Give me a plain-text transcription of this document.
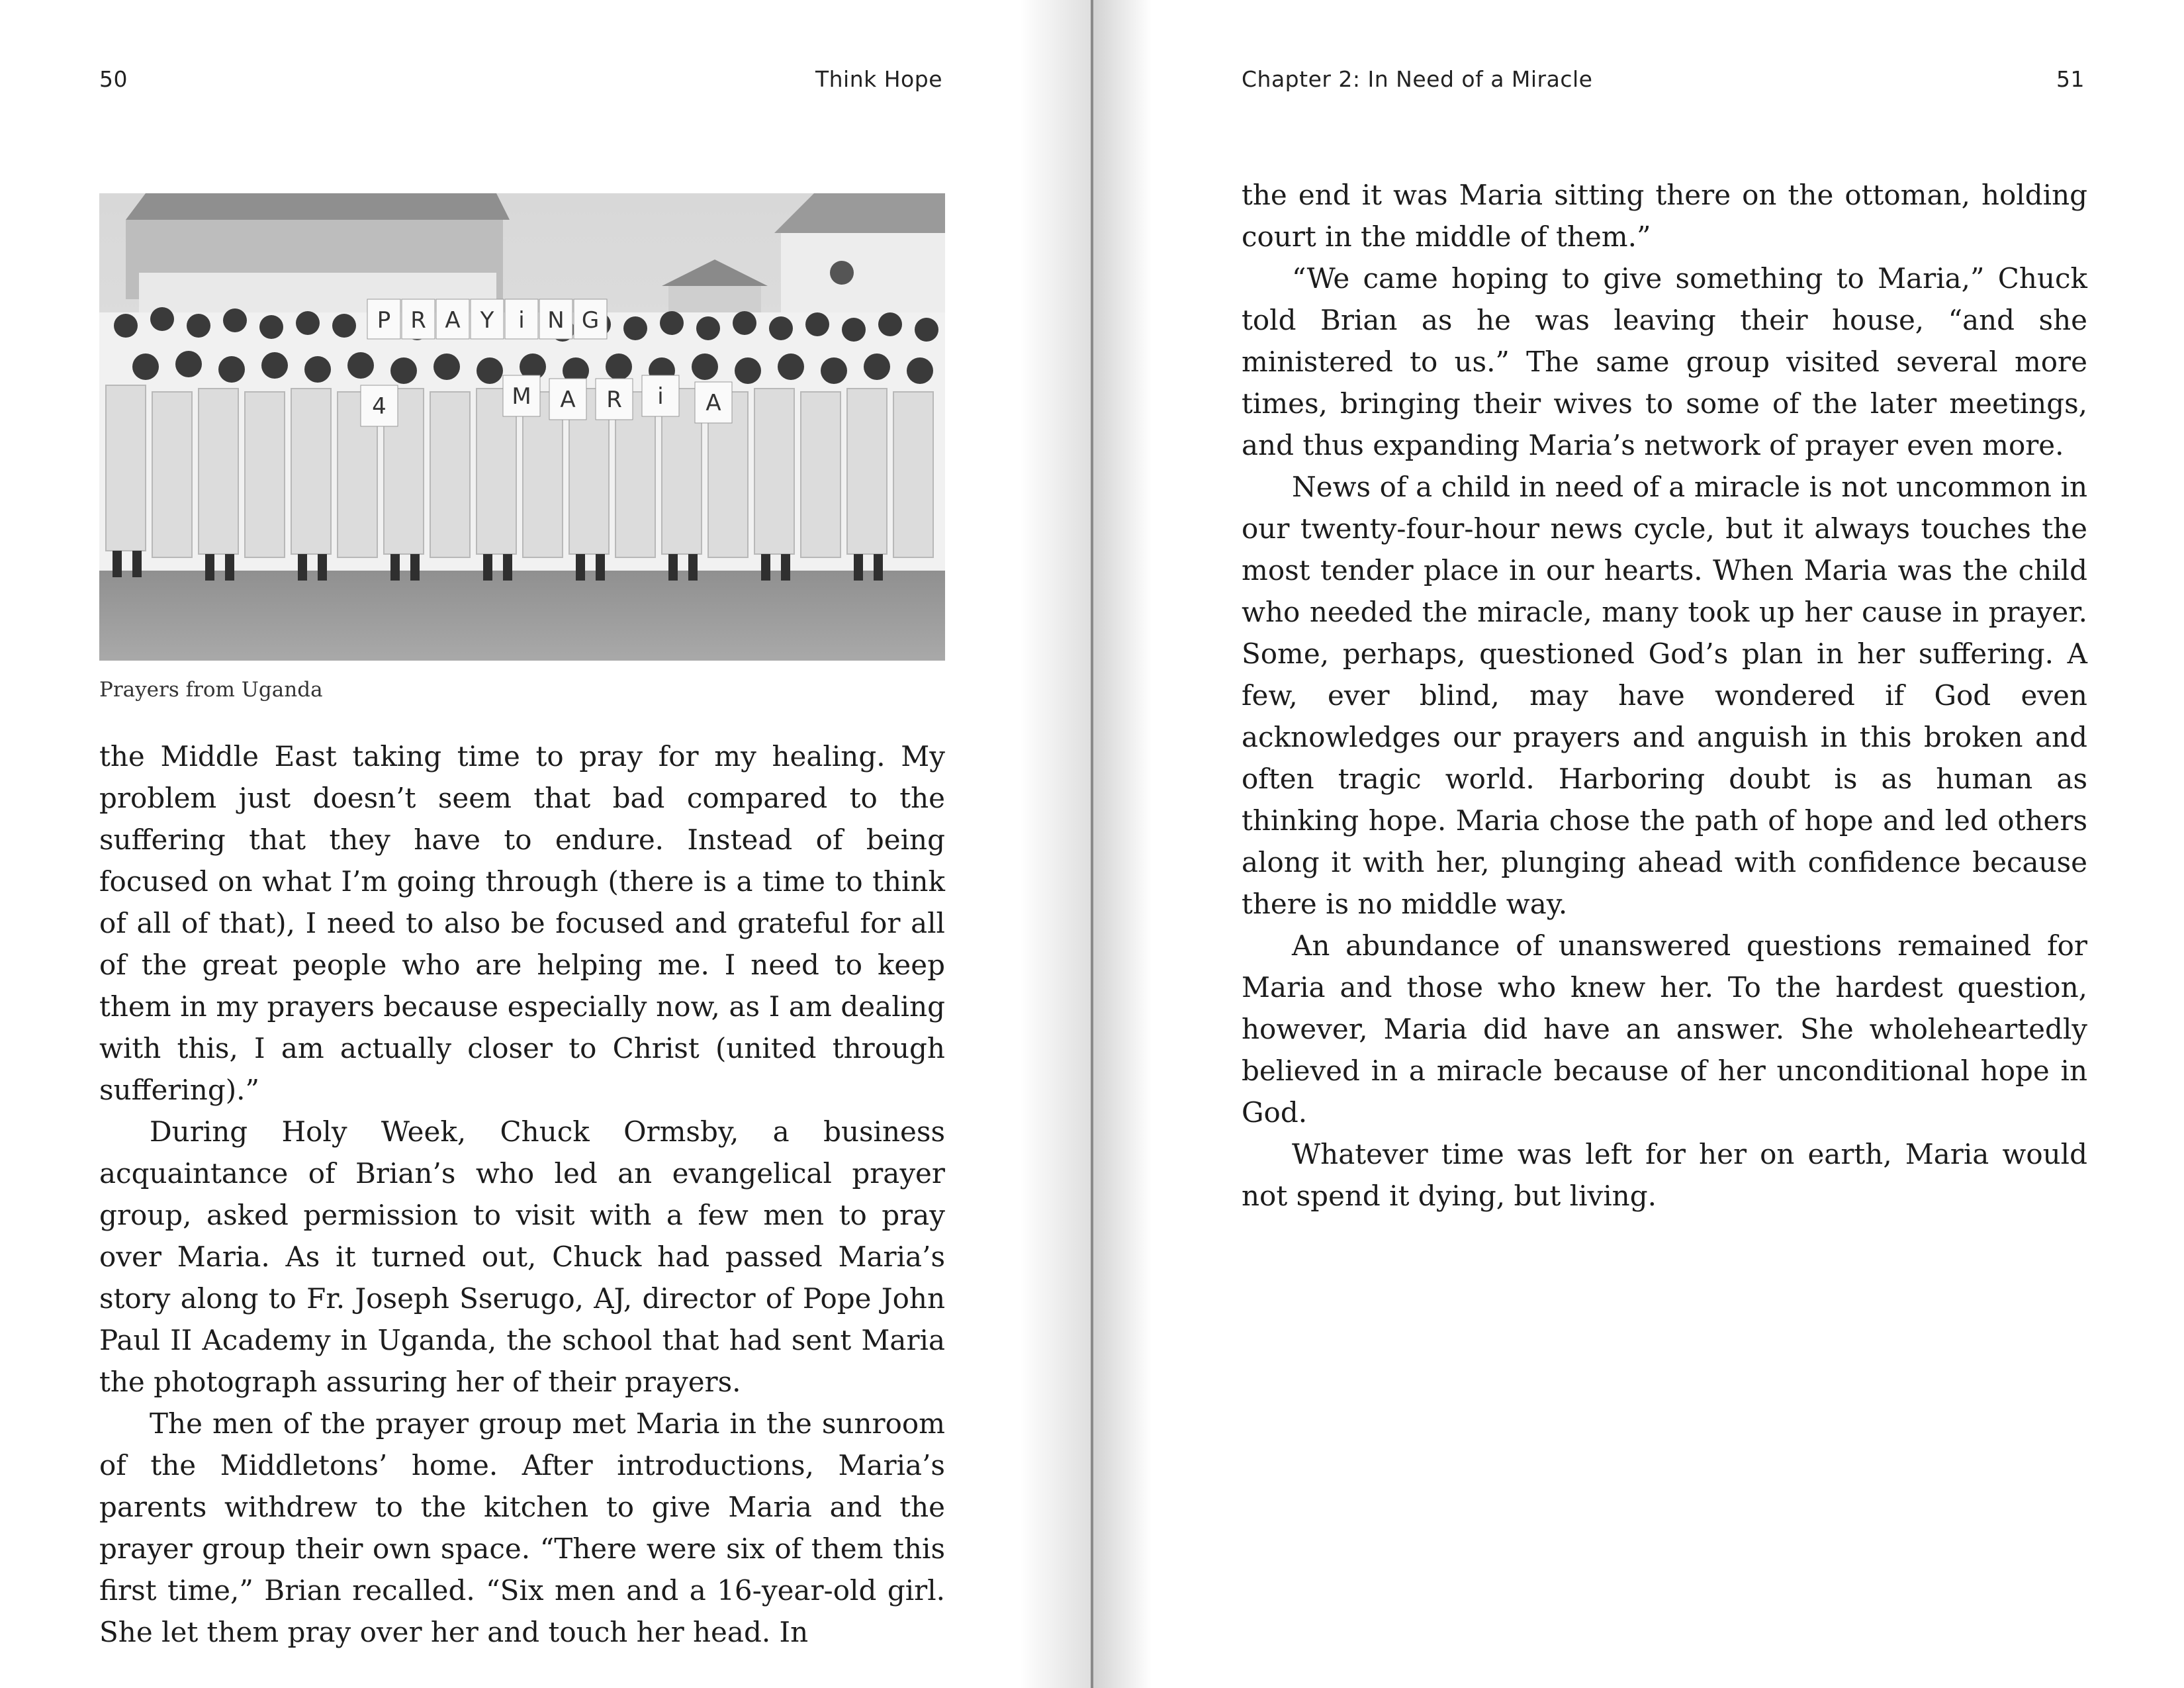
50	Think Hope
P R A Y i N G
4	M A R i A
Prayers from Uganda

the Middle East taking time to pray for my healing. My problem just doesn’t seem that bad compared to the suffering that they have to endure. Instead of being focused on what I’m going through (there is a time to think of all of that), I need to also be focused and grateful for all of the great people who are helping me. I need to keep them in my prayers because especially now, as I am dealing with this, I am actually closer to Christ (united through suffering).”

During Holy Week, Chuck Ormsby, a business acquaintance of Brian’s who led an evangelical prayer group, asked permission to visit with a few men to pray over Maria. As it turned out, Chuck had passed Maria’s story along to Fr. Joseph Sserugo, AJ, director of Pope John Paul II Academy in Uganda, the school that had sent Maria the photograph assuring her of their prayers.

The men of the prayer group met Maria in the sunroom of the Middletons’ home. After introductions, Maria’s parents withdrew to the kitchen to give Maria and the prayer group their own space. “There were six of them this first time,” Brian recalled. “Six men and a 16-year-old girl. She let them pray over her and touch her head. In

Chapter 2: In Need of a Miracle	51

the end it was Maria sitting there on the ottoman, holding court in the middle of them.”

“We came hoping to give something to Maria,” Chuck told Brian as he was leaving their house, “and she ministered to us.” The same group visited several more times, bringing their wives to some of the later meetings, and thus expanding Maria’s network of prayer even more.

News of a child in need of a miracle is not uncommon in our twenty-four-hour news cycle, but it always touches the most tender place in our hearts. When Maria was the child who needed the miracle, many took up her cause in prayer. Some, perhaps, questioned God’s plan in her suffering. A few, ever blind, may have wondered if God even acknowledges our prayers and anguish in this broken and often tragic world. Harboring doubt is as human as thinking hope. Maria chose the path of hope and led others along it with her, plunging ahead with confidence because there is no middle way.

An abundance of unanswered questions remained for Maria and those who knew her. To the hardest question, however, Maria did have an answer. She wholeheartedly believed in a miracle because of her unconditional hope in God.

Whatever time was left for her on earth, Maria would not spend it dying, but living.
